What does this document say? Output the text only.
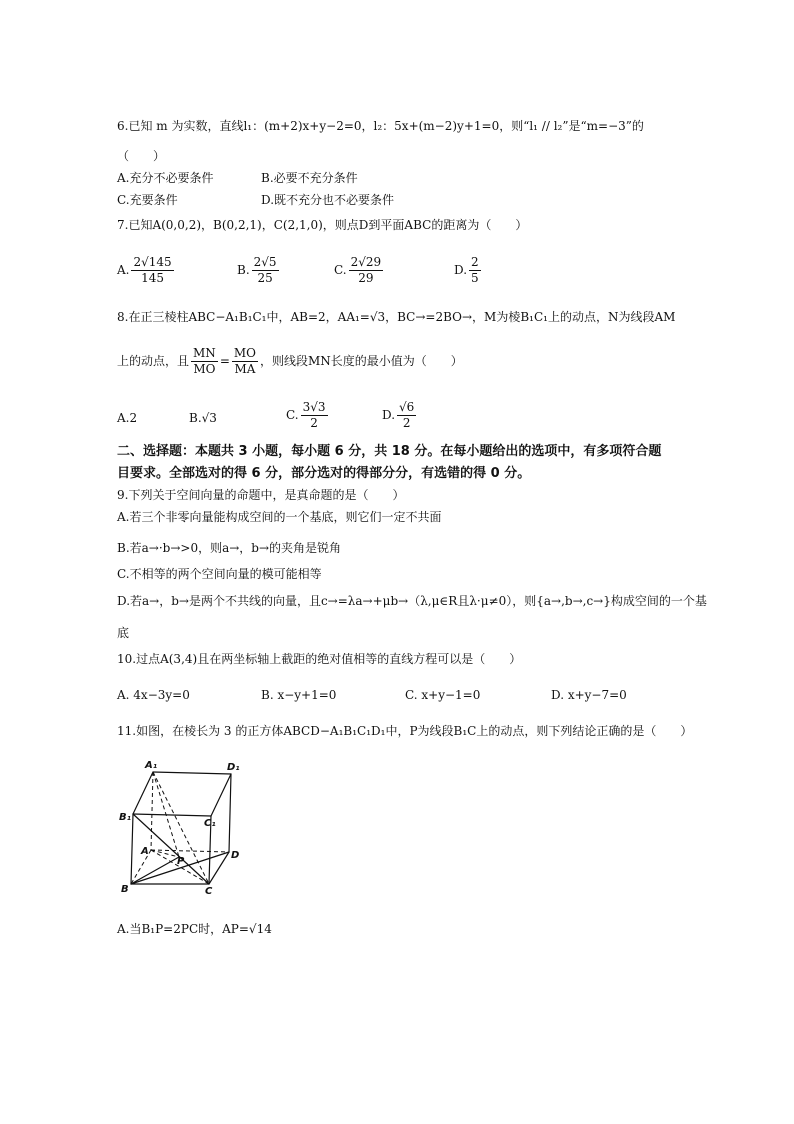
6.已知 m 为实数，直线l₁：(m+2)x+y−2=0，l₂：5x+(m−2)y+1=0，则“l₁ // l₂”是“m=−3”的
（　　）
A.充分不必要条件	B.必要不充分条件
C.充要条件	D.既不充分也不必要条件
7.已知A(0,0,2)，B(0,2,1)，C(2,1,0)，则点D到平面ABC的距离为（　　）
A. $\frac{2√145}{145}$	B. $\frac{2√5}{25}$	C. $\frac{2√29}{29}$	D. $\frac{2}{5}$
8.在正三棱柱ABC−A₁B₁C₁中，AB=2，AA₁=√3，BC→=2BO→，M为棱B₁C₁上的动点，N为线段AM
上的动点，且 $\frac{MN}{MO} = \frac{MO}{MA}$ ，则线段MN长度的最小值为（　　）
A.2	B.√3	C. $\frac{3√3}{2}$	D. $\frac{√6}{2}$
二、选择题：本题共 3 小题，每小题 6 分，共 18 分。在每小题给出的选项中，有多项符合题
目要求。全部选对的得 6 分，部分选对的得部分分，有选错的得 0 分。
9.下列关于空间向量的命题中，是真命题的是（　　）
A.若三个非零向量能构成空间的一个基底，则它们一定不共面
B.若a→·b→>0，则a→，b→的夹角是锐角
C.不相等的两个空间向量的模可能相等
D.若a→，b→是两个不共线的向量，且c→=λa→+μb→（λ,μ∈R且λ·μ≠0），则{a→,b→,c→}构成空间的一个基
底
10.过点A(3,4)且在两坐标轴上截距的绝对值相等的直线方程可以是（　　）
A. 4x−3y=0	B. x−y+1=0	C. x+y−1=0	D. x+y−7=0
11.如图，在棱长为 3 的正方体ABCD−A₁B₁C₁D₁中，P为线段B₁C上的动点，则下列结论正确的是（　　）
A₁	D₁
B₁
C₁
A
P
D
B	C
A.当B₁P=2PC时，AP=√14
